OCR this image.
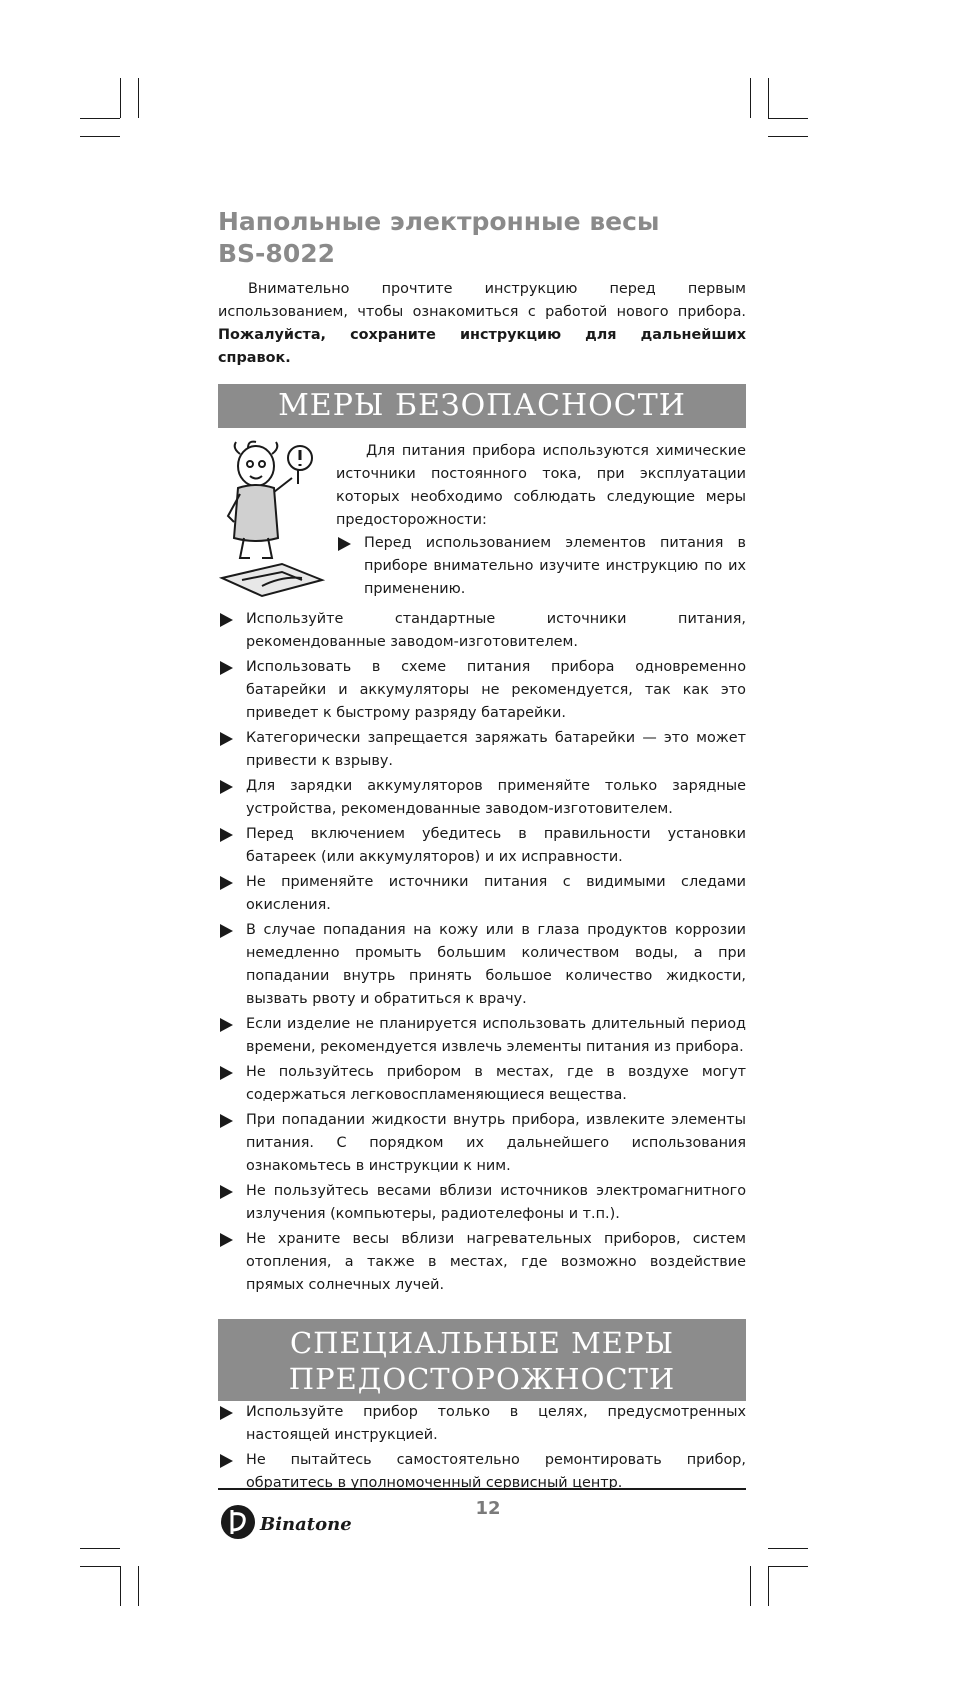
Напольные электронные весы
BS-8022

Внимательно прочтите инструкцию перед первым использованием, чтобы ознакомиться с работой нового прибора. Пожалуйста, сохраните инструкцию для дальнейших справок.

МЕРЫ БЕЗОПАСНОСТИ

Для питания прибора используются химические источники постоянного тока, при эксплуатации которых необходимо соблюдать следующие меры предосторожности:

Перед использованием элементов питания в приборе внимательно изучите инструкцию по их применению.
Используйте стандартные источники питания, рекомендованные заводом-изготовителем.
Использовать в схеме питания прибора одновременно батарейки и аккумуляторы не рекомендуется, так как это приведет к быстрому разряду батарейки.
Категорически запрещается заряжать батарейки — это может привести к взрыву.
Для зарядки аккумуляторов применяйте только зарядные устройства, рекомендованные заводом-изготовителем.
Перед включением убедитесь в правильности установки батареек (или аккумуляторов) и их исправности.
Не применяйте источники питания с видимыми следами окисления.
В случае попадания на кожу или в глаза продуктов коррозии немедленно промыть большим количеством воды, а при попадании внутрь принять большое количество жидкости, вызвать рвоту и обратиться к врачу.
Если изделие не планируется использовать длительный период времени, рекомендуется извлечь элементы питания из прибора.
Не пользуйтесь прибором в местах, где в воздухе могут содержаться легковоспламеняющиеся вещества.
При попадании жидкости внутрь прибора, извлеките элементы питания. С порядком их дальнейшего использования ознакомьтесь в инструкции к ним.
Не пользуйтесь весами вблизи источников электромагнитного излучения (компьютеры, радиотелефоны и т.п.).
Не храните весы вблизи нагревательных приборов, систем отопления, а также в местах, где возможно воздействие прямых солнечных лучей.
СПЕЦИАЛЬНЫЕ МЕРЫ
ПРЕДОСТОРОЖНОСТИ
Используйте прибор только в целях, предусмотренных настоящей инструкцией.
Не пытайтесь самостоятельно ремонтировать прибор, обратитесь в уполномоченный сервисный центр.
Binatone
12
